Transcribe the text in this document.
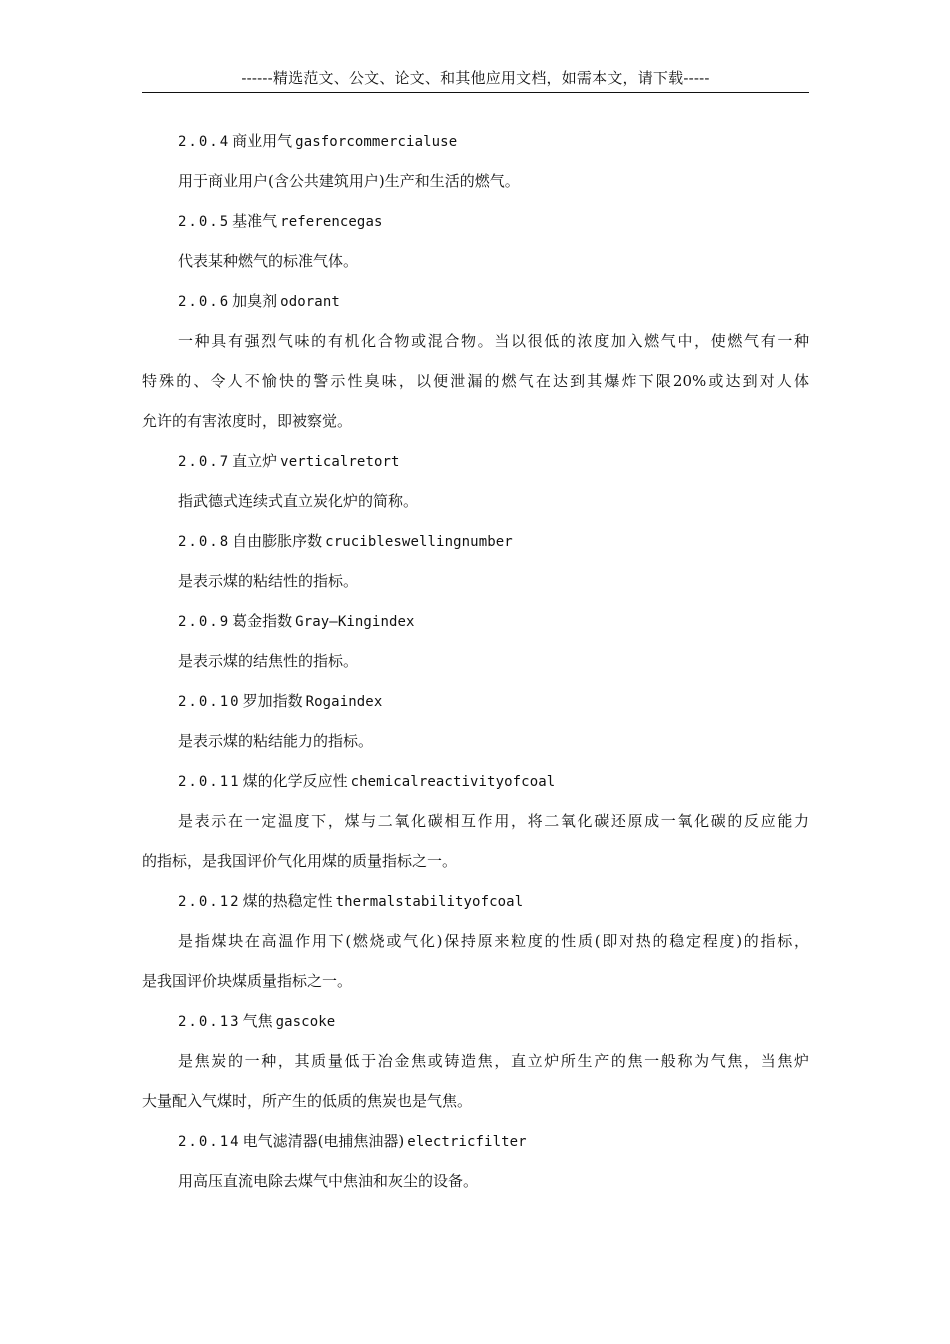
------精选范文、公文、论文、和其他应用文档，如需本文，请下载-----
2.0.4 商业用气 gasforcommercialuse
用于商业用户(含公共建筑用户)生产和生活的燃气。
2.0.5 基准气 referencegas
代表某种燃气的标准气体。
2.0.6 加臭剂 odorant
一种具有强烈气味的有机化合物或混合物。当以很低的浓度加入燃气中，使燃气有一种
特殊的、令人不愉快的警示性臭味，以便泄漏的燃气在达到其爆炸下限20%或达到对人体
允许的有害浓度时，即被察觉。
2.0.7 直立炉 verticalretort
指武德式连续式直立炭化炉的简称。
2.0.8 自由膨胀序数 crucibleswellingnumber
是表示煤的粘结性的指标。
2.0.9 葛金指数 Gray—Kingindex
是表示煤的结焦性的指标。
2.0.10 罗加指数 Rogaindex
是表示煤的粘结能力的指标。
2.0.11 煤的化学反应性 chemicalreactivityofcoal
是表示在一定温度下，煤与二氧化碳相互作用，将二氧化碳还原成一氧化碳的反应能力
的指标，是我国评价气化用煤的质量指标之一。
2.0.12 煤的热稳定性 thermalstabilityofcoal
是指煤块在高温作用下(燃烧或气化)保持原来粒度的性质(即对热的稳定程度)的指标，
是我国评价块煤质量指标之一。
2.0.13 气焦 gascoke
是焦炭的一种，其质量低于冶金焦或铸造焦，直立炉所生产的焦一般称为气焦，当焦炉
大量配入气煤时，所产生的低质的焦炭也是气焦。
2.0.14 电气滤清器(电捕焦油器) electricfilter
用高压直流电除去煤气中焦油和灰尘的设备。
